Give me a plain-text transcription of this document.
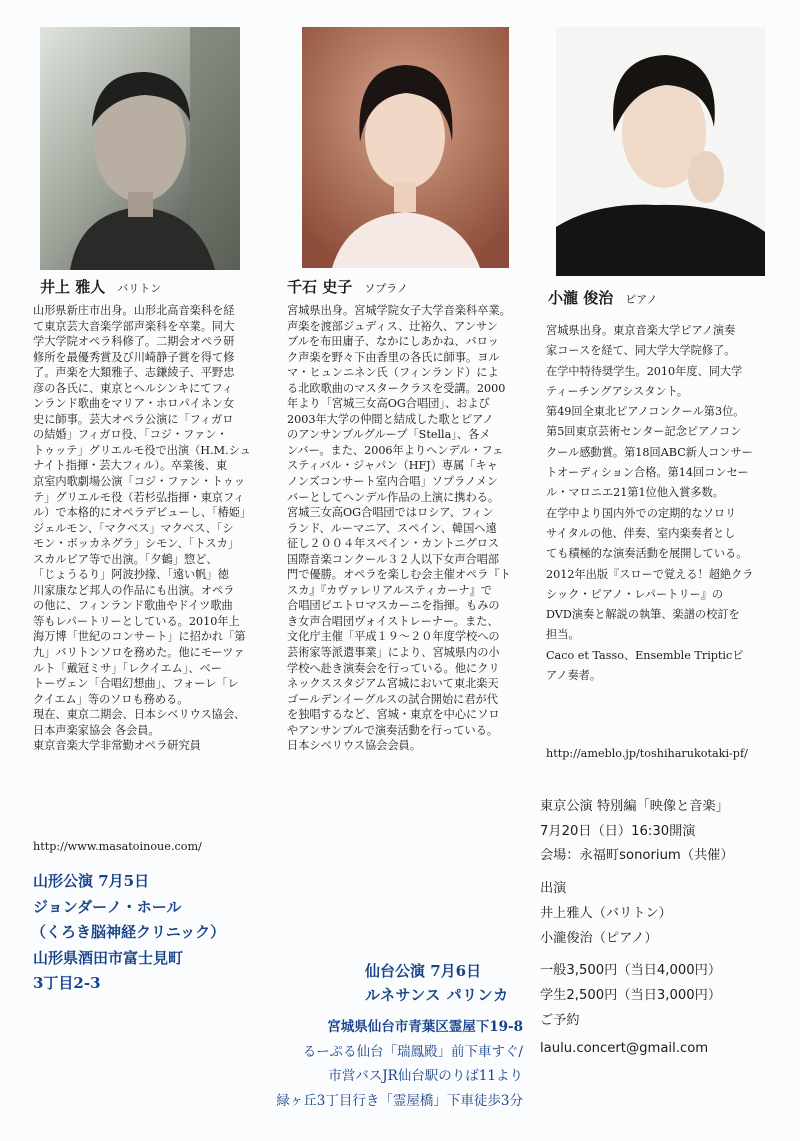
井上 雅人 バリトン	千石 史子 ソプラノ
小瀧 俊治 ピアノ
山形県新庄市出身。山形北高音楽科を経
て東京芸大音楽学部声楽科を卒業。同大
学大学院オペラ科修了。二期会オペラ研
修所を最優秀賞及び川崎静子賞を得て修
了。声楽を大類雅子、志鎌綾子、平野忠
彦の各氏に、東京とヘルシンキにてフィ
ンランド歌曲をマリア・ホロパイネン女
史に師事。芸大オペラ公演に「フィガロ
の結婚」フィガロ役、「コジ・ファン・
トゥッテ」グリエルモ役で出演（H.M.シュ
ナイト指揮・芸大フィル）。卒業後、東
京室内歌劇場公演「コジ・ファン・トゥッ
テ」グリエルモ役（若杉弘指揮・東京フィ
ル）で本格的にオペラデビューし、「椿姫」
ジェルモン、「マクベス」マクベス、「シ
モン・ボッカネグラ」シモン、「トスカ」
スカルピア等で出演。「夕鶴」惣ど、
「じょうるり」阿波抄掾、「遠い帆」徳
川家康など邦人の作品にも出演。オペラ
の他に、フィンランド歌曲やドイツ歌曲
等もレパートリーとしている。2010年上
海万博「世紀のコンサート」に招かれ「第
九」バリトンソロを務めた。他にモーツァ
ルト「戴冠ミサ」「レクイエム」、ベー
トーヴェン「合唱幻想曲」、フォーレ「レ
クイエム」等のソロも務める。
現在、東京二期会、日本シベリウス協会、
日本声楽家協会 各会員。
東京音楽大学非常勤オペラ研究員
宮城県出身。宮城学院女子大学音楽科卒業。
声楽を渡部ジュディス、辻裕久、アンサン
ブルを布田庸子、なかにしあかね、バロッ
ク声楽を野々下由香里の各氏に師事。ヨル
マ・ヒュンニネン氏（フィンランド）によ
る北欧歌曲のマスタークラスを受講。2000
年より「宮城三女高OG合唱団」、および
2003年大学の仲間と結成した歌とピアノ
のアンサンブルグループ「Stella」、各メ
ンバー。また、2006年よりヘンデル・フェ
スティバル・ジャパン（HFJ）専属「キャ
ノンズコンサート室内合唱」ソプラノメン
バーとしてヘンデル作品の上演に携わる。
宮城三女高OG合唱団ではロシア、フィン
ランド、ルーマニア、スペイン、韓国へ遠
征し２００４年スペイン・カントニグロス
国際音楽コンクール３２人以下女声合唱部
門で優勝。オペラを楽しむ会主催オペラ『ト
スカ』『カヴァレリアルスティカーナ』で
合唱団ピエトロマスカーニを指揮。もみの
き女声合唱団ヴォイストレーナー。また、
文化庁主催「平成１９～２０年度学校への
芸術家等派遣事業」により、宮城県内の小
学校へ赴き演奏会を行っている。他にクリ
ネックススタジアム宮城において東北楽天
ゴールデンイーグルスの試合開始に君が代
を独唱するなど、宮城・東京を中心にソロ
やアンサンブルで演奏活動を行っている。
日本シベリウス協会会員。
宮城県出身。東京音楽大学ピアノ演奏
家コースを経て、同大学大学院修了。
在学中特待奨学生。2010年度、同大学
ティーチングアシスタント。
第49回全東北ピアノコンクール第3位。
第5回東京芸術センター記念ピアノコン
クール感動賞。第18回ABC新人コンサー
トオーディション合格。第14回コンセー
ル・マロニエ21第1位他入賞多数。
在学中より国内外での定期的なソロリ
サイタルの他、伴奏、室内楽奏者とし
ても積極的な演奏活動を展開している。
2012年出版『スローで覚える！超絶クラ
シック・ピアノ・レパートリー』の
DVD演奏と解説の執筆、楽譜の校訂を
担当。
Caco et Tasso、Ensemble Tripticピ
アノ奏者。
http://www.masatoinoue.com/
http://ameblo.jp/toshiharukotaki-pf/
山形公演 7月5日
ジョンダーノ・ホール
（くろき脳神経クリニック）
山形県酒田市富士見町
3丁目2-3
仙台公演 7月6日
ルネサンス パリンカ
宮城県仙台市青葉区霊屋下19-8
るーぷる仙台「瑞鳳殿」前下車すぐ/
市営バスJR仙台駅のりば11より
緑ヶ丘3丁目行き「霊屋橋」下車徒歩3分
東京公演 特別編「映像と音楽」
7月20日（日）16:30開演
会場：永福町sonorium（共催）
出演
井上雅人（バリトン）
小瀧俊治（ピアノ）
一般3,500円（当日4,000円）
学生2,500円（当日3,000円）
ご予約
laulu.concert@gmail.com
